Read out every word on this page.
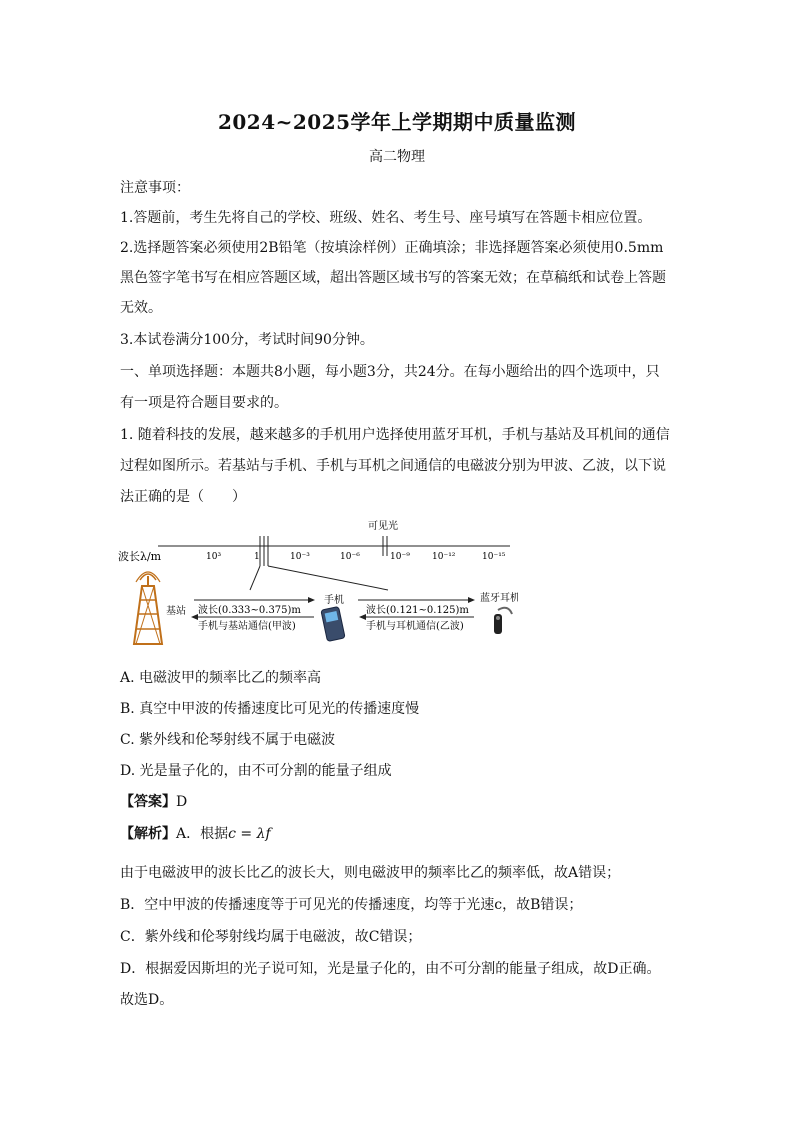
2024~2025学年上学期期中质量监测
高二物理
注意事项：
1.答题前，考生先将自己的学校、班级、姓名、考生号、座号填写在答题卡相应位置。
2.选择题答案必须使用2B铅笔（按填涂样例）正确填涂；非选择题答案必须使用0.5mm
黑色签字笔书写在相应答题区域，超出答题区域书写的答案无效；在草稿纸和试卷上答题
无效。
3.本试卷满分100分，考试时间90分钟。
一、单项选择题：本题共8小题，每小题3分，共24分。在每小题给出的四个选项中，只
有一项是符合题目要求的。
1. 随着科技的发展，越来越多的手机用户选择使用蓝牙耳机，手机与基站及耳机间的通信
过程如图所示。若基站与手机、手机与耳机之间通信的电磁波分别为甲波、乙波，以下说
法正确的是（　　）
可见光
波长λ/m	10³	1	10⁻³	10⁻⁶	10⁻⁹ 10⁻¹²	10⁻¹⁵
基站 波长(0.333~0.375)m
手机与基站通信(甲波)
手机
波长(0.121~0.125)m
手机与耳机通信(乙波)
蓝牙耳机
A. 电磁波甲的频率比乙的频率高
B. 真空中甲波的传播速度比可见光的传播速度慢
C. 紫外线和伦琴射线不属于电磁波
D. 光是量子化的，由不可分割的能量子组成
【答案】D
【解析】A．根据c = λf
由于电磁波甲的波长比乙的波长大，则电磁波甲的频率比乙的频率低，故A错误；
B．空中甲波的传播速度等于可见光的传播速度，均等于光速c，故B错误；
C．紫外线和伦琴射线均属于电磁波，故C错误；
D．根据爱因斯坦的光子说可知，光是量子化的，由不可分割的能量子组成，故D正确。
故选D。
